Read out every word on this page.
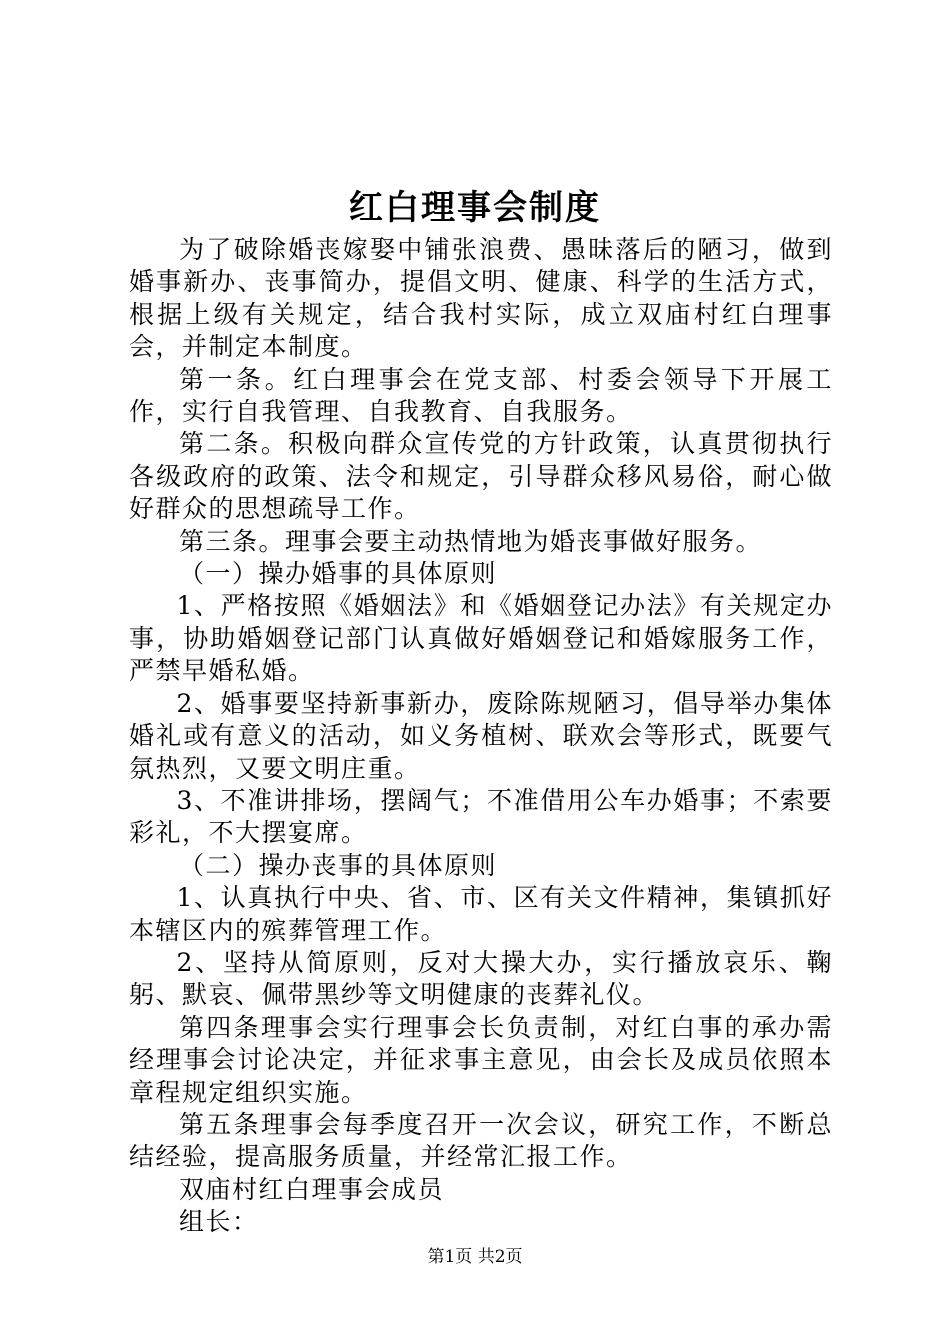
红白理事会制度

为了破除婚丧嫁娶中铺张浪费、愚昧落后的陋习，做到婚事新办、丧事简办，提倡文明、健康、科学的生活方式，根据上级有关规定，结合我村实际，成立双庙村红白理事会，并制定本制度。

第一条。红白理事会在党支部、村委会领导下开展工作，实行自我管理、自我教育、自我服务。

第二条。积极向群众宣传党的方针政策，认真贯彻执行各级政府的政策、法令和规定，引导群众移风易俗，耐心做好群众的思想疏导工作。

第三条。理事会要主动热情地为婚丧事做好服务。

（一）操办婚事的具体原则

1、严格按照《婚姻法》和《婚姻登记办法》有关规定办事，协助婚姻登记部门认真做好婚姻登记和婚嫁服务工作，严禁早婚私婚。

2、婚事要坚持新事新办，废除陈规陋习，倡导举办集体婚礼或有意义的活动，如义务植树、联欢会等形式，既要气氛热烈，又要文明庄重。

3、不准讲排场，摆阔气；不准借用公车办婚事；不索要彩礼，不大摆宴席。

（二）操办丧事的具体原则

1、认真执行中央、省、市、区有关文件精神，集镇抓好本辖区内的殡葬管理工作。

2、坚持从简原则，反对大操大办，实行播放哀乐、鞠躬、默哀、佩带黑纱等文明健康的丧葬礼仪。

第四条理事会实行理事会长负责制，对红白事的承办需经理事会讨论决定，并征求事主意见，由会长及成员依照本章程规定组织实施。

第五条理事会每季度召开一次会议，研究工作，不断总结经验，提高服务质量，并经常汇报工作。

双庙村红白理事会成员

组长：

第1页 共2页
